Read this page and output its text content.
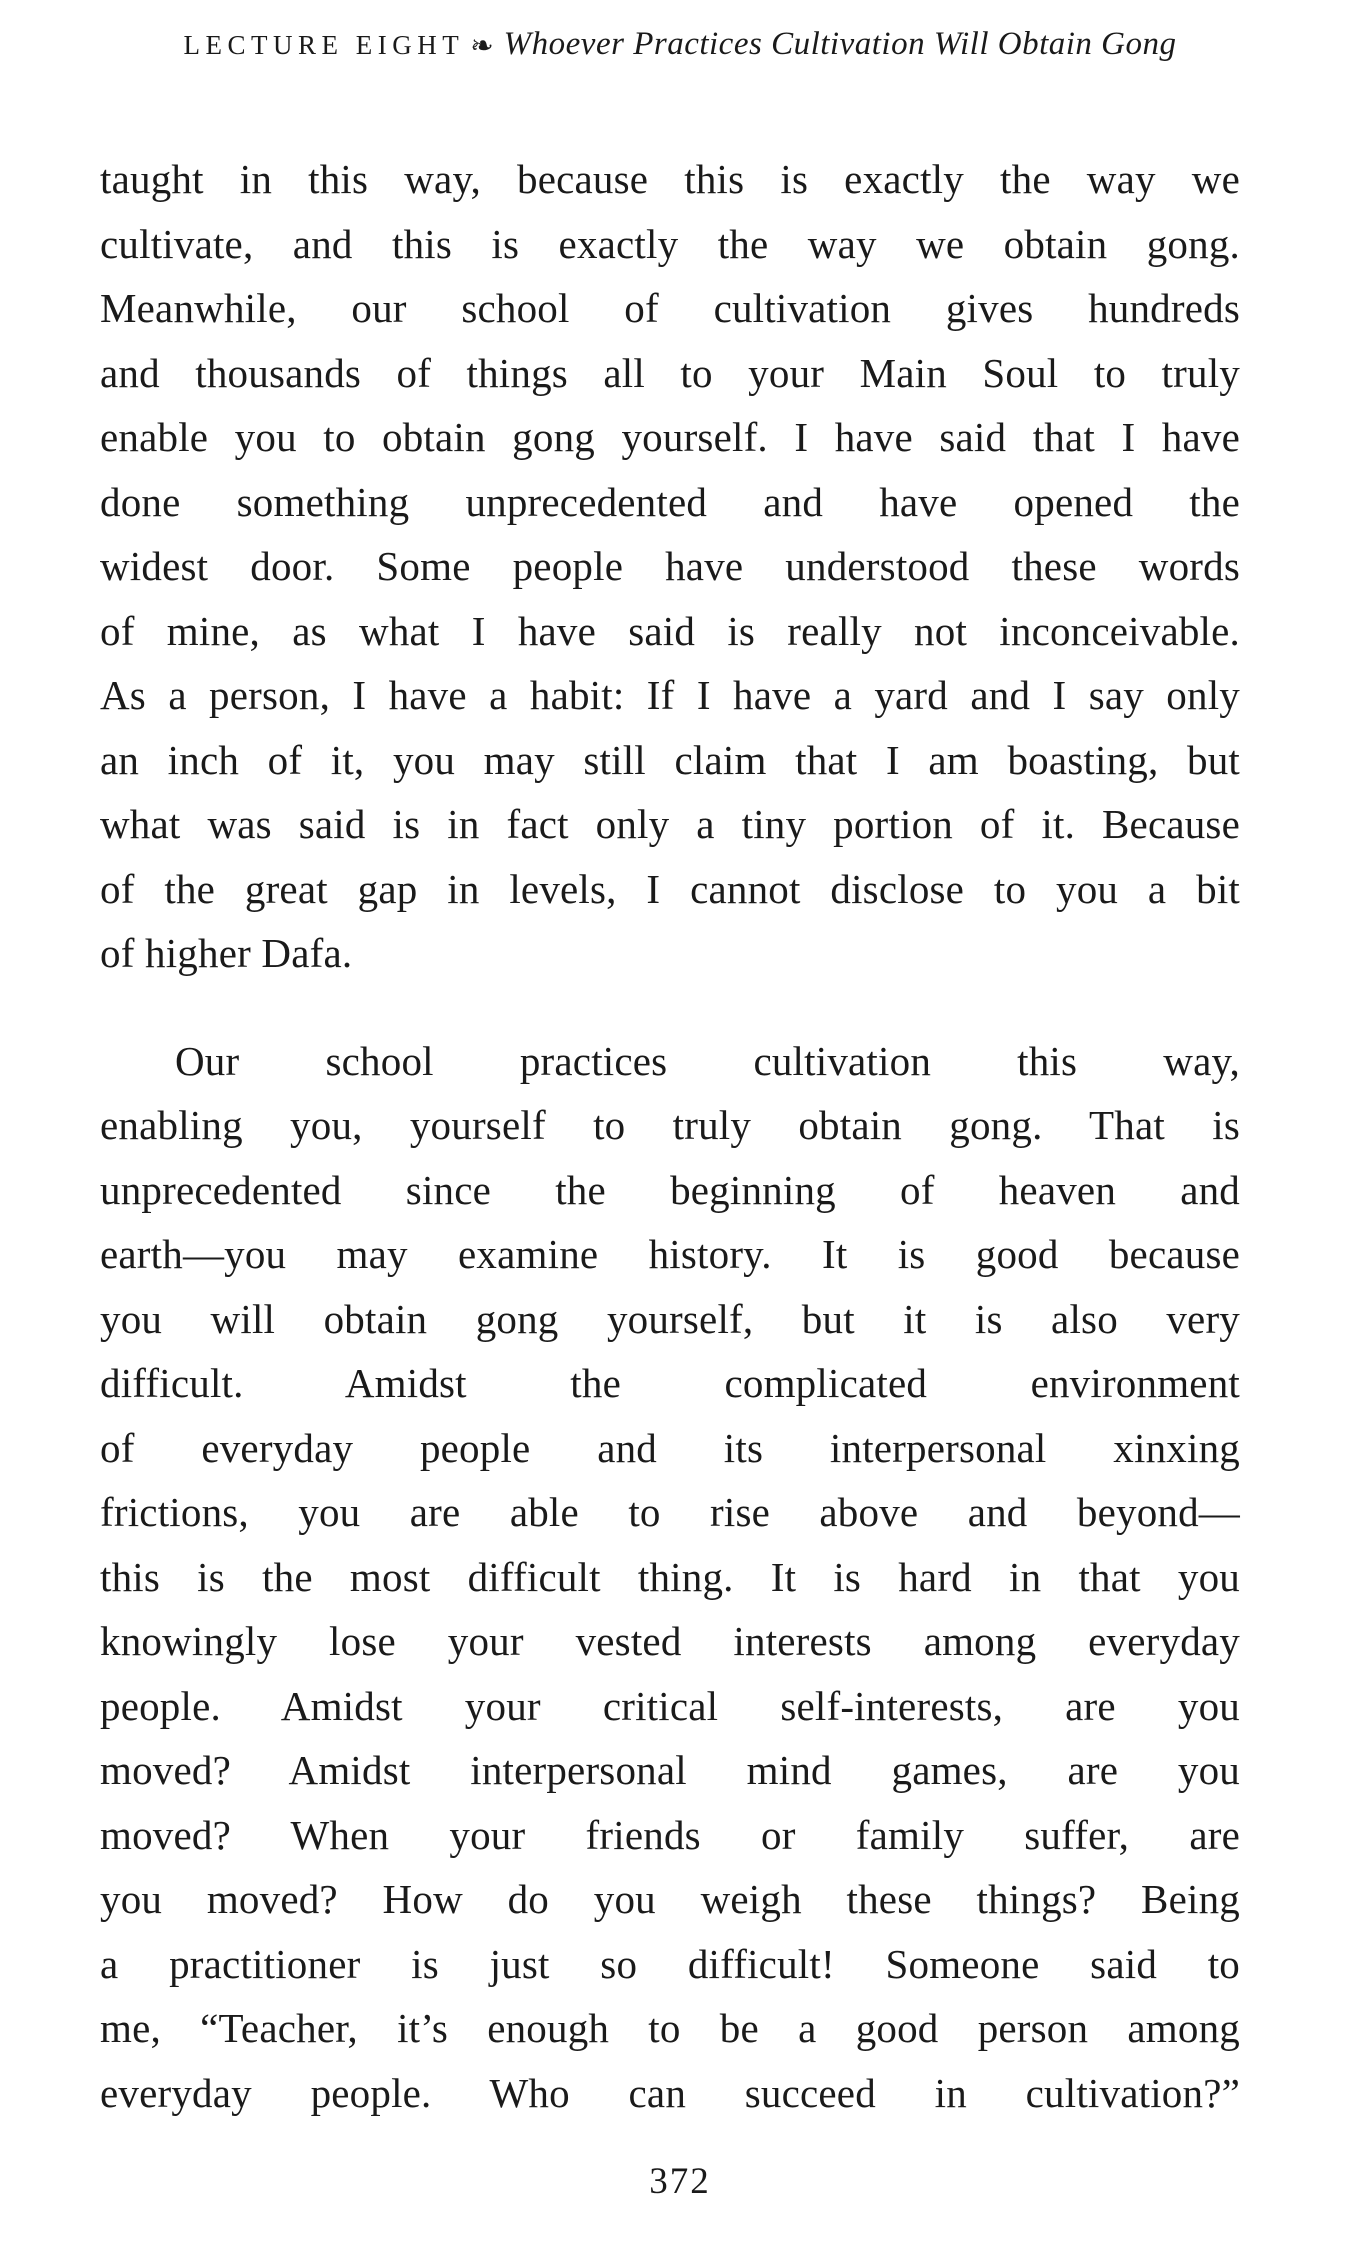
LECTURE EIGHT ❧ Whoever Practices Cultivation Will Obtain Gong
taught in this way, because this is exactly the way we
cultivate, and this is exactly the way we obtain gong.
Meanwhile, our school of cultivation gives hundreds
and thousands of things all to your Main Soul to truly
enable you to obtain gong yourself. I have said that I have
done something unprecedented and have opened the
widest door. Some people have understood these words
of mine, as what I have said is really not inconceivable.
As a person, I have a habit: If I have a yard and I say only
an inch of it, you may still claim that I am boasting, but
what was said is in fact only a tiny portion of it. Because
of the great gap in levels, I cannot disclose to you a bit
of higher Dafa.
Our school practices cultivation this way,
enabling you, yourself to truly obtain gong. That is
unprecedented since the beginning of heaven and
earth—you may examine history. It is good because
you will obtain gong yourself, but it is also very
difficult. Amidst the complicated environment
of everyday people and its interpersonal xinxing
frictions, you are able to rise above and beyond—
this is the most difficult thing. It is hard in that you
knowingly lose your vested interests among everyday
people. Amidst your critical self-interests, are you
moved? Amidst interpersonal mind games, are you
moved? When your friends or family suffer, are
you moved? How do you weigh these things? Being
a practitioner is just so difficult! Someone said to
me, “Teacher, it’s enough to be a good person among
everyday people. Who can succeed in cultivation?”
372
